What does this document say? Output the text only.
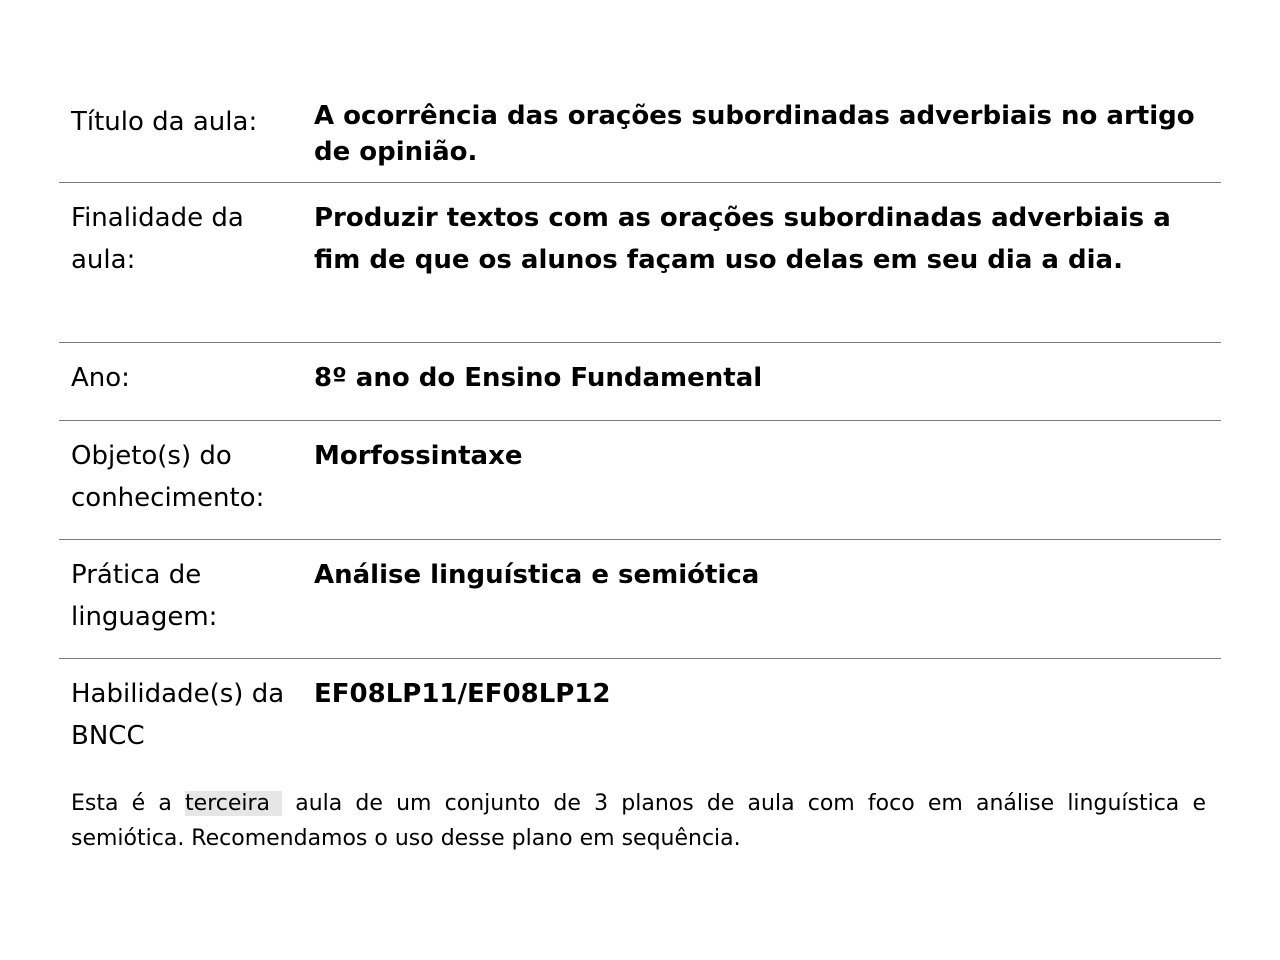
Título da aula:	A ocorrência das orações subordinadas adverbiais no artigo de opinião.
Finalidade da aula:
Produzir textos com as orações subordinadas adverbiais a fim de que os alunos façam uso delas em seu dia a dia.
Ano:	8º ano do Ensino Fundamental
Objeto(s) do conhecimento:
Morfossintaxe
Prática de linguagem:
Análise linguística e semiótica
Habilidade(s) da BNCC
EF08LP11/EF08LP12

Esta é a terceira aula de um conjunto de 3 planos de aula com foco em análise linguística e semiótica. Recomendamos o uso desse plano em sequência.
